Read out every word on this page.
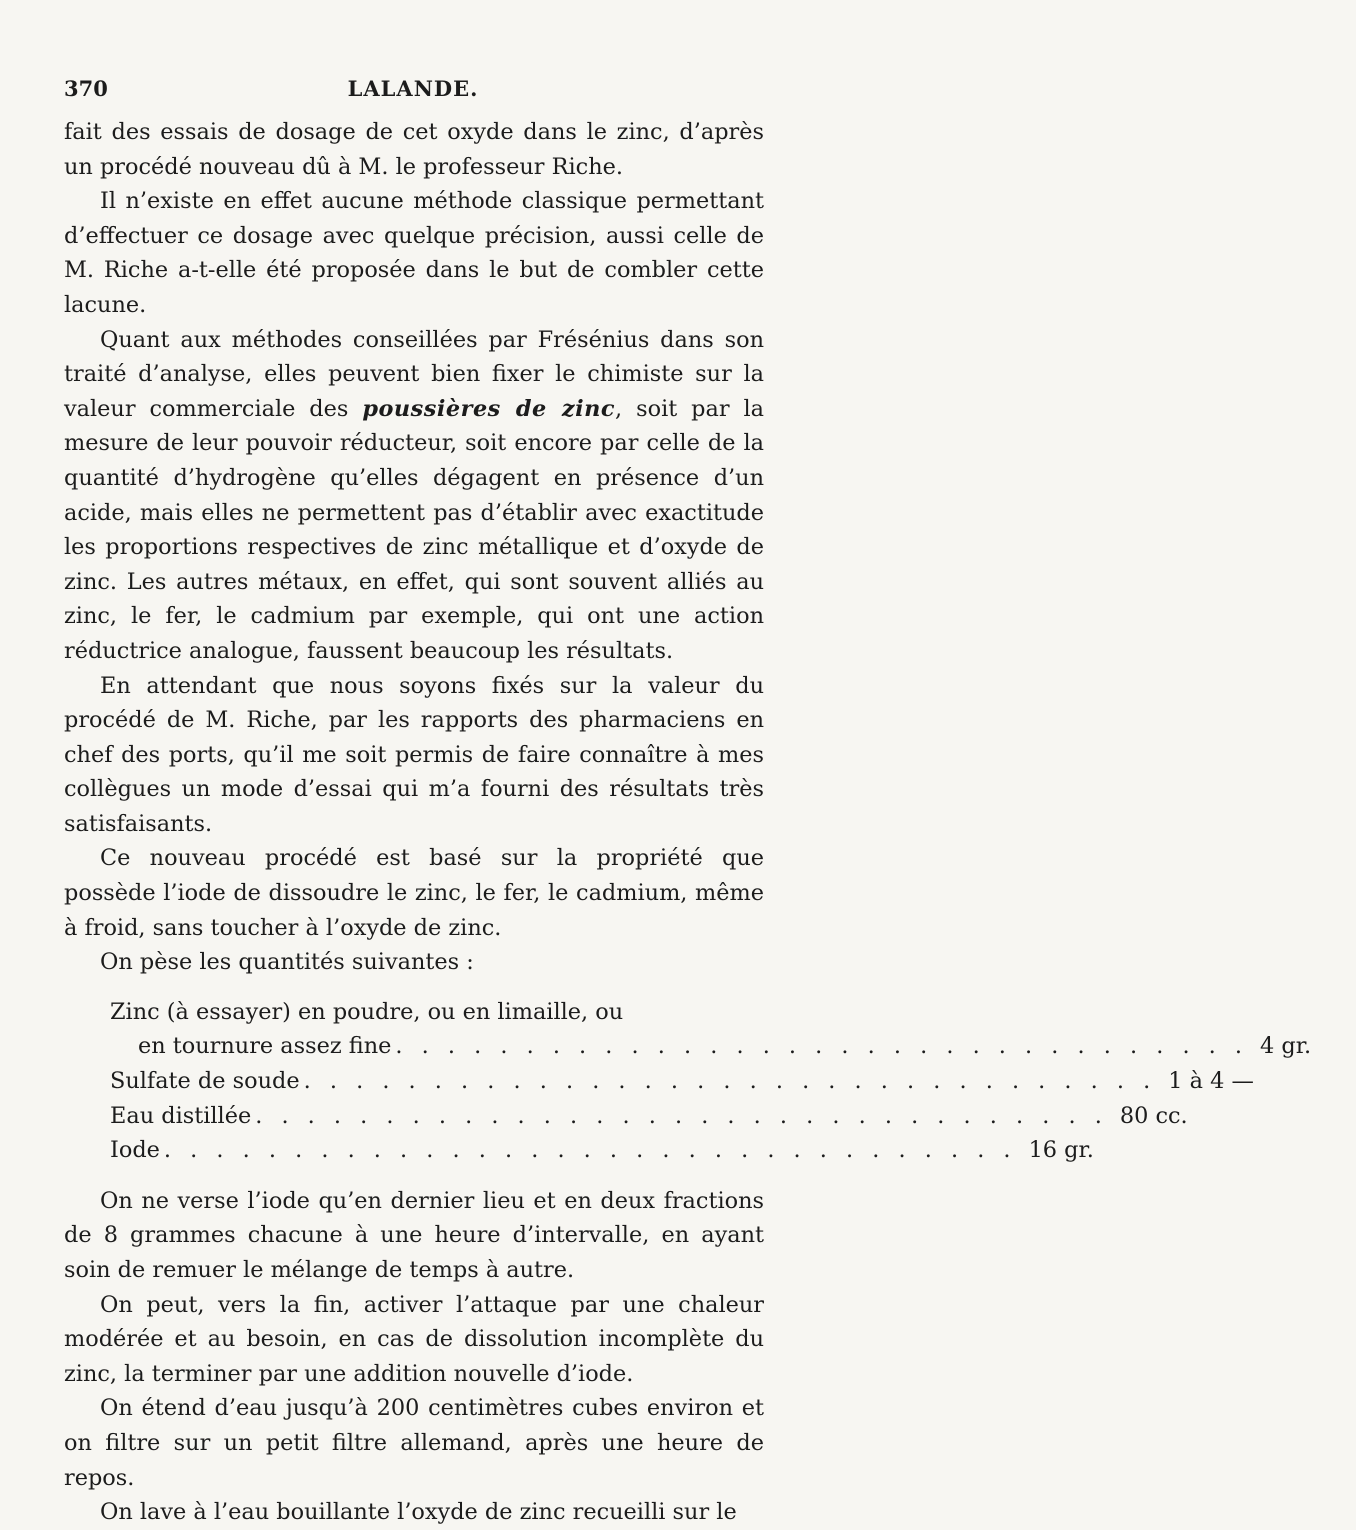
370	LALANDE.

fait des essais de dosage de cet oxyde dans le zinc, d’après un procédé nouveau dû à M. le professeur Riche.

Il n’existe en effet aucune méthode classique permettant d’effectuer ce dosage avec quelque précision, aussi celle de M. Riche a-t-elle été proposée dans le but de combler cette lacune.

Quant aux méthodes conseillées par Frésénius dans son traité d’analyse, elles peuvent bien fixer le chimiste sur la valeur commerciale des poussières de zinc, soit par la mesure de leur pouvoir réducteur, soit encore par celle de la quantité d’hydrogène qu’elles dégagent en présence d’un acide, mais elles ne permettent pas d’établir avec exactitude les proportions respectives de zinc métallique et d’oxyde de zinc. Les autres métaux, en effet, qui sont souvent alliés au zinc, le fer, le cadmium par exemple, qui ont une action réductrice analogue, faussent beaucoup les résultats.

En attendant que nous soyons fixés sur la valeur du procédé de M. Riche, par les rapports des pharmaciens en chef des ports, qu’il me soit permis de faire connaître à mes collègues un mode d’essai qui m’a fourni des résultats très satisfaisants.

Ce nouveau procédé est basé sur la propriété que possède l’iode de dissoudre le zinc, le fer, le cadmium, même à froid, sans toucher à l’oxyde de zinc.

On pèse les quantités suivantes :

Zinc (à essayer) en poudre, ou en limaille, ou
en tournure assez fine . . . . . . . . . . . . . . . . . . . . . . . . . . . . . . . . . 4 gr.
Sulfate de soude . . . . . . . . . . . . . . . . . . . . . . . . . . . . . . . . . 1 à 4 —
Eau distillée . . . . . . . . . . . . . . . . . . . . . . . . . . . . . . . . . 80 cc.
Iode . . . . . . . . . . . . . . . . . . . . . . . . . . . . . . . . . 16 gr.

On ne verse l’iode qu’en dernier lieu et en deux fractions de 8 grammes chacune à une heure d’intervalle, en ayant soin de remuer le mélange de temps à autre.

On peut, vers la fin, activer l’attaque par une chaleur modérée et au besoin, en cas de dissolution incomplète du zinc, la terminer par une addition nouvelle d’iode.

On étend d’eau jusqu’à 200 centimètres cubes environ et on filtre sur un petit filtre allemand, après une heure de repos.

On lave à l’eau bouillante l’oxyde de zinc recueilli sur le
